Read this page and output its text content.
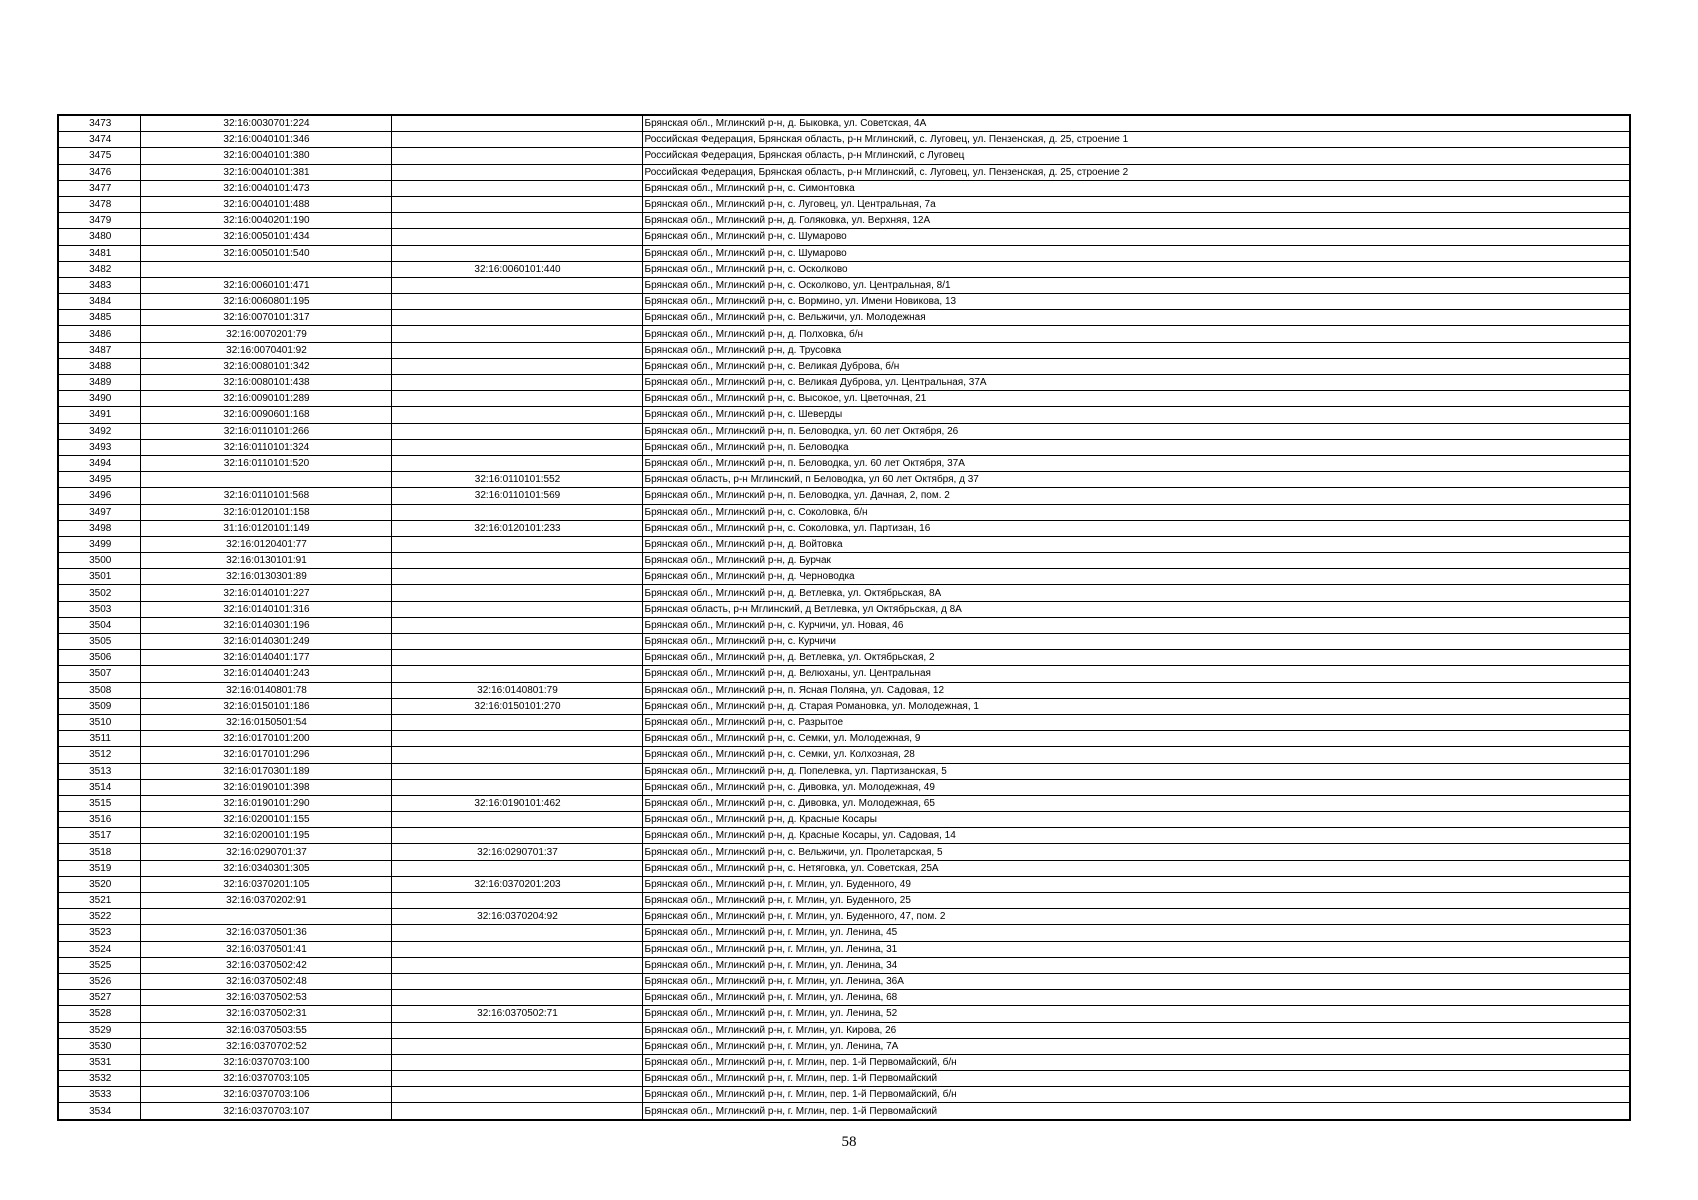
3473	32:16:0030701:224		Брянская обл., Мглинский р-н, д. Быковка, ул. Советская, 4А
3474	32:16:0040101:346		Российская Федерация, Брянская область, р-н Мглинский, с. Луговец, ул. Пензенская, д. 25, строение 1
3475	32:16:0040101:380		Российская Федерация, Брянская область, р-н Мглинский, с Луговец
3476	32:16:0040101:381		Российская Федерация, Брянская область, р-н Мглинский, с. Луговец, ул. Пензенская, д. 25, строение 2
3477	32:16:0040101:473		Брянская обл., Мглинский р-н, с. Симонтовка
3478	32:16:0040101:488		Брянская обл., Мглинский р-н, с. Луговец, ул. Центральная, 7а
3479	32:16:0040201:190		Брянская обл., Мглинский р-н, д. Голяковка, ул. Верхняя, 12А
3480	32:16:0050101:434		Брянская обл., Мглинский р-н, с. Шумарово
3481	32:16:0050101:540		Брянская обл., Мглинский р-н, с. Шумарово
3482		32:16:0060101:440	Брянская обл., Мглинский р-н, с. Осколково
3483	32:16:0060101:471		Брянская обл., Мглинский р-н, с. Осколково, ул. Центральная, 8/1
3484	32:16:0060801:195		Брянская обл., Мглинский р-н, с. Вормино, ул. Имени Новикова, 13
3485	32:16:0070101:317		Брянская обл., Мглинский р-н, с. Вельжичи, ул. Молодежная
3486	32:16:0070201:79		Брянская обл., Мглинский р-н, д. Полховка, б/н
3487	32:16:0070401:92		Брянская обл., Мглинский р-н, д. Трусовка
3488	32:16:0080101:342		Брянская обл., Мглинский р-н, с. Великая Дуброва, б/н
3489	32:16:0080101:438		Брянская обл., Мглинский р-н, с. Великая Дуброва, ул. Центральная, 37А
3490	32:16:0090101:289		Брянская обл., Мглинский р-н, с. Высокое, ул. Цветочная, 21
3491	32:16:0090601:168		Брянская обл., Мглинский р-н, с. Шеверды
3492	32:16:0110101:266		Брянская обл., Мглинский р-н, п. Беловодка, ул. 60 лет Октября, 26
3493	32:16:0110101:324		Брянская обл., Мглинский р-н, п. Беловодка
3494	32:16:0110101:520		Брянская обл., Мглинский р-н, п. Беловодка, ул. 60 лет Октября, 37А
3495		32:16:0110101:552	Брянская область, р-н Мглинский, п Беловодка, ул 60 лет Октября, д 37
3496	32:16:0110101:568	32:16:0110101:569	Брянская обл., Мглинский р-н, п. Беловодка, ул. Дачная, 2, пом. 2
3497	32:16:0120101:158		Брянская обл., Мглинский р-н, с. Соколовка, б/н
3498	31:16:0120101:149	32:16:0120101:233	Брянская обл., Мглинский р-н, с. Соколовка, ул. Партизан, 16
3499	32:16:0120401:77		Брянская обл., Мглинский р-н, д. Войтовка
3500	32:16:0130101:91		Брянская обл., Мглинский р-н, д. Бурчак
3501	32:16:0130301:89		Брянская обл., Мглинский р-н, д. Черноводка
3502	32:16:0140101:227		Брянская обл., Мглинский р-н, д. Ветлевка, ул. Октябрьская, 8А
3503	32:16:0140101:316		Брянская область, р-н Мглинский, д Ветлевка, ул Октябрьская, д 8А
3504	32:16:0140301:196		Брянская обл., Мглинский р-н, с. Курчичи, ул. Новая, 46
3505	32:16:0140301:249		Брянская обл., Мглинский р-н, с. Курчичи
3506	32:16:0140401:177		Брянская обл., Мглинский р-н, д. Ветлевка, ул. Октябрьская, 2
3507	32:16:0140401:243		Брянская обл., Мглинский р-н, д. Велюханы, ул. Центральная
3508	32:16:0140801:78	32:16:0140801:79	Брянская обл., Мглинский р-н, п. Ясная Поляна, ул. Садовая, 12
3509	32:16:0150101:186	32:16:0150101:270	Брянская обл., Мглинский р-н, д. Старая Романовка, ул. Молодежная, 1
3510	32:16:0150501:54		Брянская обл., Мглинский р-н, с. Разрытое
3511	32:16:0170101:200		Брянская обл., Мглинский р-н, с. Семки, ул. Молодежная, 9
3512	32:16:0170101:296		Брянская обл., Мглинский р-н, с. Семки, ул. Колхозная, 28
3513	32:16:0170301:189		Брянская обл., Мглинский р-н, д. Попелевка, ул. Партизанская, 5
3514	32:16:0190101:398		Брянская обл., Мглинский р-н, с. Дивовка, ул. Молодежная, 49
3515	32:16:0190101:290	32:16:0190101:462	Брянская обл., Мглинский р-н, с. Дивовка, ул. Молодежная, 65
3516	32:16:0200101:155		Брянская обл., Мглинский р-н, д. Красные Косары
3517	32:16:0200101:195		Брянская обл., Мглинский р-н, д. Красные Косары, ул. Садовая, 14
3518	32:16:0290701:37	32:16:0290701:37	Брянская обл., Мглинский р-н, с. Вельжичи, ул. Пролетарская, 5
3519	32:16:0340301:305		Брянская обл., Мглинский р-н, с. Нетяговка, ул. Советская, 25А
3520	32:16:0370201:105	32:16:0370201:203	Брянская обл., Мглинский р-н, г. Мглин, ул. Буденного, 49
3521	32:16:0370202:91		Брянская обл., Мглинский р-н, г. Мглин, ул. Буденного, 25
3522		32:16:0370204:92	Брянская обл., Мглинский р-н, г. Мглин, ул. Буденного, 47, пом. 2
3523	32:16:0370501:36		Брянская обл., Мглинский р-н, г. Мглин, ул. Ленина, 45
3524	32:16:0370501:41		Брянская обл., Мглинский р-н, г. Мглин, ул. Ленина, 31
3525	32:16:0370502:42		Брянская обл., Мглинский р-н, г. Мглин, ул. Ленина, 34
3526	32:16:0370502:48		Брянская обл., Мглинский р-н, г. Мглин, ул. Ленина, 36А
3527	32:16:0370502:53		Брянская обл., Мглинский р-н, г. Мглин, ул. Ленина, 68
3528	32:16:0370502:31	32:16:0370502:71	Брянская обл., Мглинский р-н, г. Мглин, ул. Ленина, 52
3529	32:16:0370503:55		Брянская обл., Мглинский р-н, г. Мглин, ул. Кирова, 26
3530	32:16:0370702:52		Брянская обл., Мглинский р-н, г. Мглин, ул. Ленина, 7А
3531	32:16:0370703:100		Брянская обл., Мглинский р-н, г. Мглин, пер. 1-й Первомайский, б/н
3532	32:16:0370703:105		Брянская обл., Мглинский р-н, г. Мглин, пер. 1-й Первомайский
3533	32:16:0370703:106		Брянская обл., Мглинский р-н, г. Мглин, пер. 1-й Первомайский, б/н
3534	32:16:0370703:107		Брянская обл., Мглинский р-н, г. Мглин, пер. 1-й Первомайский
58
